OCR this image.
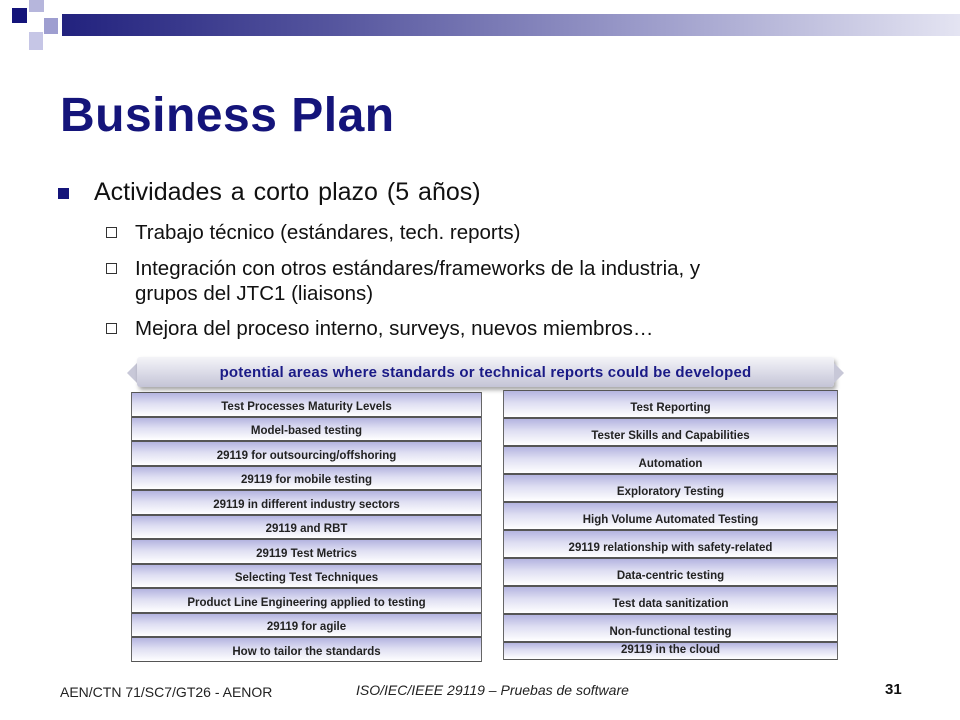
Business Plan
Actividades a corto plazo (5 años)
Trabajo técnico (estándares, tech. reports)
Integración con otros estándares/frameworks de la industria, y
grupos del JTC1 (liaisons)
Mejora del proceso interno, surveys, nuevos miembros…
potential areas where standards or technical reports could be developed
Test Processes Maturity Levels
Model-based testing
29119 for outsourcing/offshoring
29119 for mobile testing
29119 in different industry sectors
29119 and RBT
29119 Test Metrics
Selecting Test Techniques
Product Line Engineering applied to testing
29119 for agile
How to tailor the standards
Test Reporting
Tester Skills and Capabilities
Automation
Exploratory Testing
High Volume Automated Testing
29119 relationship with safety-related
Data-centric testing
Test data sanitization
Non-functional testing
29119 in the cloud
AEN/CTN 71/SC7/GT26 - AENOR	ISO/IEC/IEEE 29119 – Pruebas de software	31
